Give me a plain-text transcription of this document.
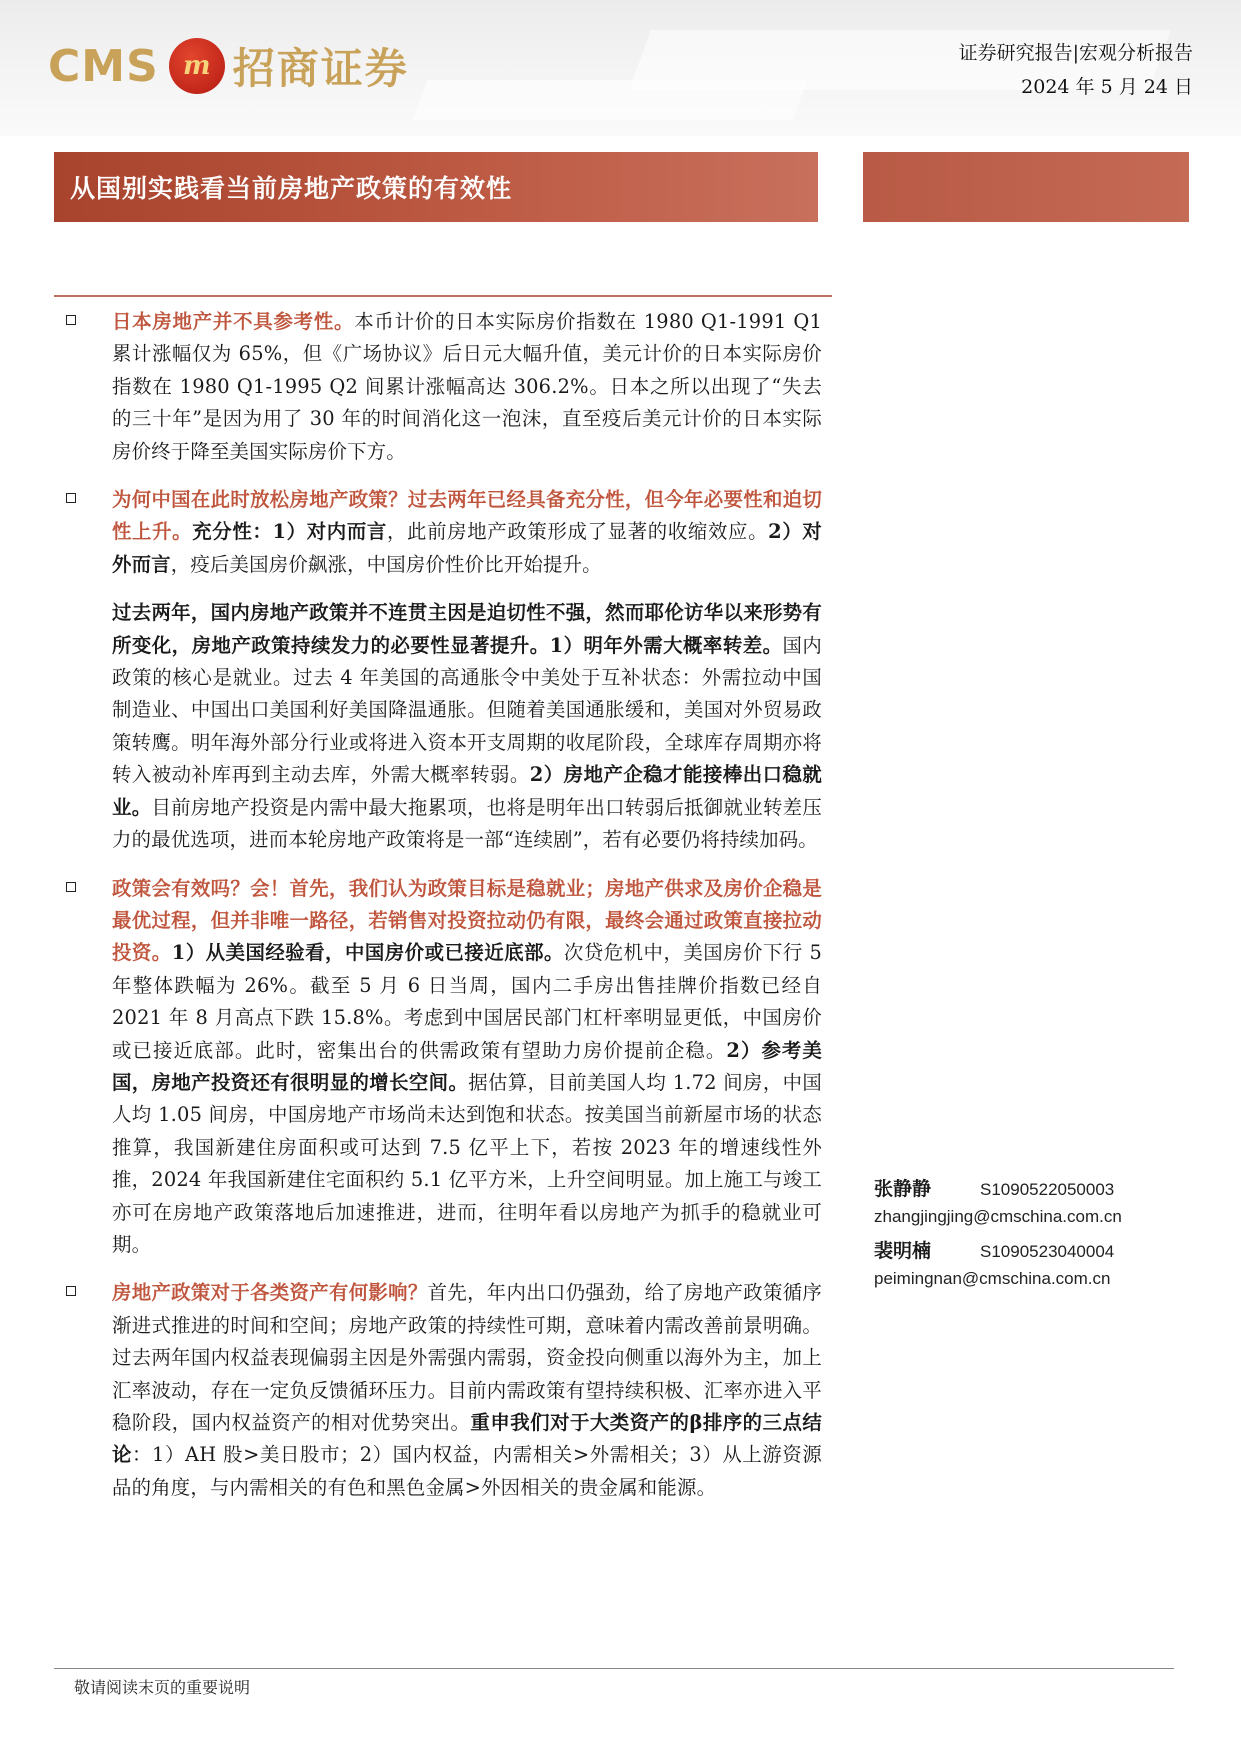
CMS m 招商证券	证券研究报告|宏观分析报告
2024 年 5 月 24 日
从国别实践看当前房地产政策的有效性

日本房地产并不具参考性。本币计价的日本实际房价指数在 1980 Q1-1991 Q1 累计涨幅仅为 65%，但《广场协议》后日元大幅升值，美元计价的日本实际房价指数在 1980 Q1-1995 Q2 间累计涨幅高达 306.2%。日本之所以出现了“失去的三十年”是因为用了 30 年的时间消化这一泡沫，直至疫后美元计价的日本实际房价终于降至美国实际房价下方。

为何中国在此时放松房地产政策？过去两年已经具备充分性，但今年必要性和迫切性上升。充分性：1）对内而言，此前房地产政策形成了显著的收缩效应。2）对外而言，疫后美国房价飙涨，中国房价性价比开始提升。

过去两年，国内房地产政策并不连贯主因是迫切性不强，然而耶伦访华以来形势有所变化，房地产政策持续发力的必要性显著提升。1）明年外需大概率转差。国内政策的核心是就业。过去 4 年美国的高通胀令中美处于互补状态：外需拉动中国制造业、中国出口美国利好美国降温通胀。但随着美国通胀缓和，美国对外贸易政策转鹰。明年海外部分行业或将进入资本开支周期的收尾阶段，全球库存周期亦将转入被动补库再到主动去库，外需大概率转弱。2）房地产企稳才能接棒出口稳就业。目前房地产投资是内需中最大拖累项，也将是明年出口转弱后抵御就业转差压力的最优选项，进而本轮房地产政策将是一部“连续剧”，若有必要仍将持续加码。

政策会有效吗？会！首先，我们认为政策目标是稳就业；房地产供求及房价企稳是最优过程，但并非唯一路径，若销售对投资拉动仍有限，最终会通过政策直接拉动投资。1）从美国经验看，中国房价或已接近底部。次贷危机中，美国房价下行 5 年整体跌幅为 26%。截至 5 月 6 日当周，国内二手房出售挂牌价指数已经自 2021 年 8 月高点下跌 15.8%。考虑到中国居民部门杠杆率明显更低，中国房价或已接近底部。此时，密集出台的供需政策有望助力房价提前企稳。2）参考美国，房地产投资还有很明显的增长空间。据估算，目前美国人均 1.72 间房，中国人均 1.05 间房，中国房地产市场尚未达到饱和状态。按美国当前新屋市场的状态推算，我国新建住房面积或可达到 7.5 亿平上下，若按 2023 年的增速线性外推，2024 年我国新建住宅面积约 5.1 亿平方米，上升空间明显。加上施工与竣工亦可在房地产政策落地后加速推进，进而，往明年看以房地产为抓手的稳就业可期。

房地产政策对于各类资产有何影响？首先，年内出口仍强劲，给了房地产政策循序渐进式推进的时间和空间；房地产政策的持续性可期，意味着内需改善前景明确。过去两年国内权益表现偏弱主因是外需强内需弱，资金投向侧重以海外为主，加上汇率波动，存在一定负反馈循环压力。目前内需政策有望持续积极、汇率亦进入平稳阶段，国内权益资产的相对优势突出。重申我们对于大类资产的β排序的三点结论：1）AH 股>美日股市；2）国内权益，内需相关>外需相关；3）从上游资源品的角度，与内需相关的有色和黑色金属>外因相关的贵金属和能源。

张静静	S1090522050003
zhangjingjing@cmschina.com.cn
裴明楠	S1090523040004
peimingnan@cmschina.com.cn
敬请阅读末页的重要说明
